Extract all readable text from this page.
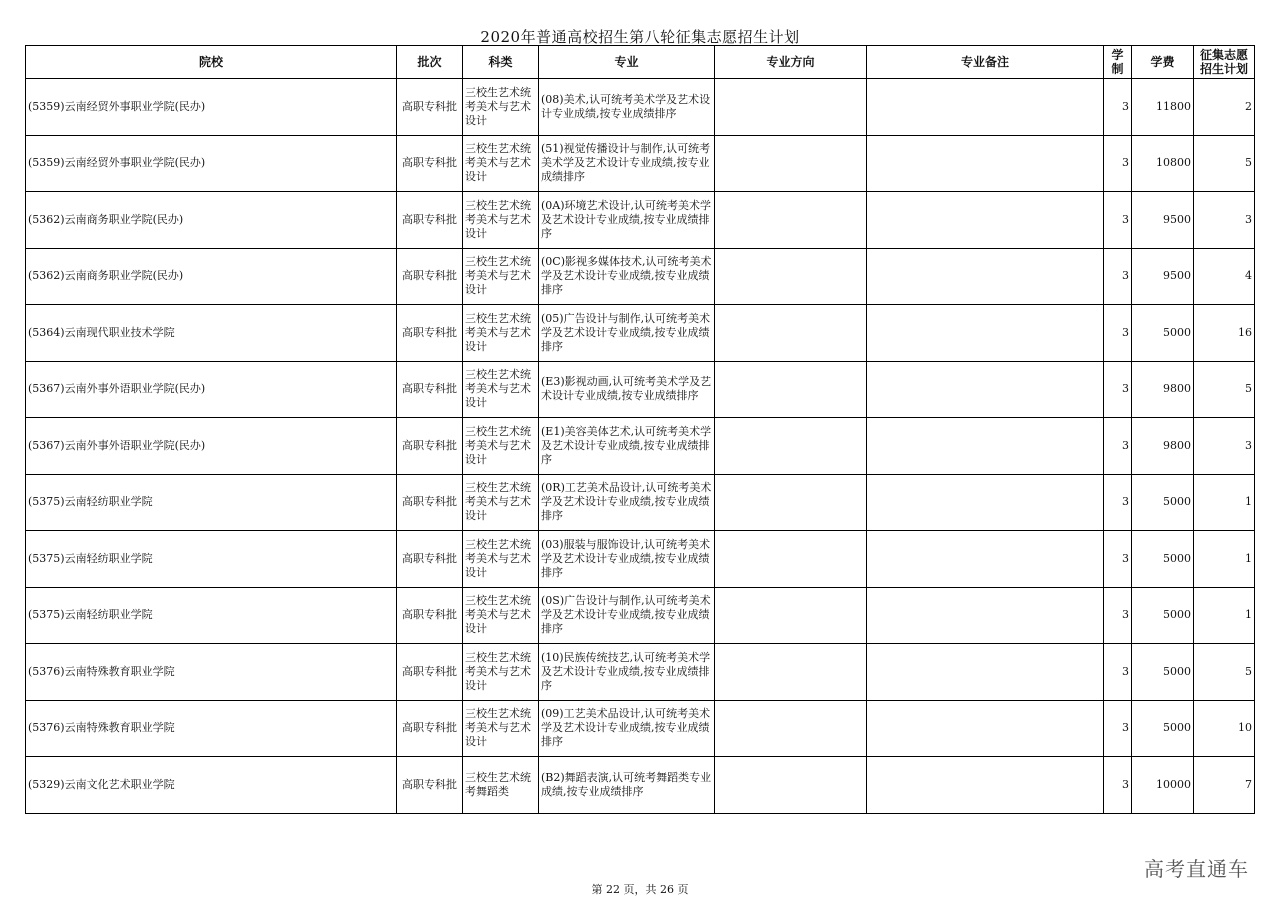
2020年普通高校招生第八轮征集志愿招生计划
院校	批次	科类	专业	专业方向	专业备注	学制	学费	征集志愿招生计划
(5359)云南经贸外事职业学院(民办)	高职专科批	三校生艺术统考美术与艺术设计	(08)美术,认可统考美术学及艺术设计专业成绩,按专业成绩排序			3	11800	2
(5359)云南经贸外事职业学院(民办)	高职专科批	三校生艺术统考美术与艺术设计	(51)视觉传播设计与制作,认可统考美术学及艺术设计专业成绩,按专业成绩排序			3	10800	5
(5362)云南商务职业学院(民办)	高职专科批	三校生艺术统考美术与艺术设计	(0A)环境艺术设计,认可统考美术学及艺术设计专业成绩,按专业成绩排序			3	9500	3
(5362)云南商务职业学院(民办)	高职专科批	三校生艺术统考美术与艺术设计	(0C)影视多媒体技术,认可统考美术学及艺术设计专业成绩,按专业成绩排序			3	9500	4
(5364)云南现代职业技术学院	高职专科批	三校生艺术统考美术与艺术设计	(05)广告设计与制作,认可统考美术学及艺术设计专业成绩,按专业成绩排序			3	5000	16
(5367)云南外事外语职业学院(民办)	高职专科批	三校生艺术统考美术与艺术设计	(E3)影视动画,认可统考美术学及艺术设计专业成绩,按专业成绩排序			3	9800	5
(5367)云南外事外语职业学院(民办)	高职专科批	三校生艺术统考美术与艺术设计	(E1)美容美体艺术,认可统考美术学及艺术设计专业成绩,按专业成绩排序			3	9800	3
(5375)云南轻纺职业学院	高职专科批	三校生艺术统考美术与艺术设计	(0R)工艺美术品设计,认可统考美术学及艺术设计专业成绩,按专业成绩排序			3	5000	1
(5375)云南轻纺职业学院	高职专科批	三校生艺术统考美术与艺术设计	(03)服装与服饰设计,认可统考美术学及艺术设计专业成绩,按专业成绩排序			3	5000	1
(5375)云南轻纺职业学院	高职专科批	三校生艺术统考美术与艺术设计	(0S)广告设计与制作,认可统考美术学及艺术设计专业成绩,按专业成绩排序			3	5000	1
(5376)云南特殊教育职业学院	高职专科批	三校生艺术统考美术与艺术设计	(10)民族传统技艺,认可统考美术学及艺术设计专业成绩,按专业成绩排序			3	5000	5
(5376)云南特殊教育职业学院	高职专科批	三校生艺术统考美术与艺术设计	(09)工艺美术品设计,认可统考美术学及艺术设计专业成绩,按专业成绩排序			3	5000	10
(5329)云南文化艺术职业学院	高职专科批	三校生艺术统考舞蹈类	(B2)舞蹈表演,认可统考舞蹈类专业成绩,按专业成绩排序			3	10000	7
高考直通车
第 22 页，共 26 页
